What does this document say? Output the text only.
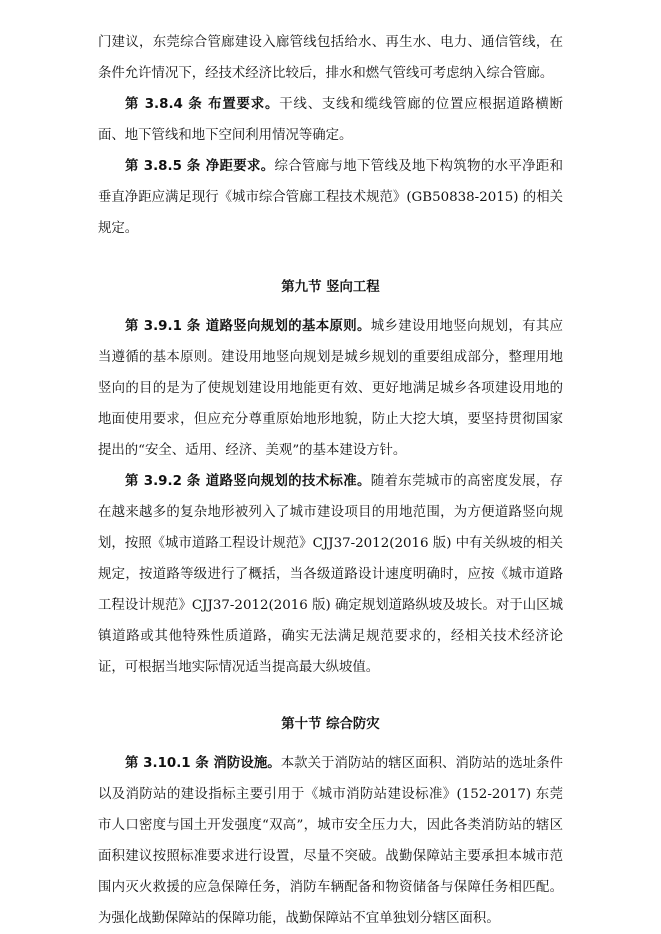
门建议，东莞综合管廊建设入廊管线包括给水、再生水、电力、通信管线，在条件允许情况下，经技术经济比较后，排水和燃气管线可考虑纳入综合管廊。

第 3.8.4 条 布置要求。干线、支线和缆线管廊的位置应根据道路横断面、地下管线和地下空间利用情况等确定。

第 3.8.5 条 净距要求。综合管廊与地下管线及地下构筑物的水平净距和垂直净距应满足现行《城市综合管廊工程技术规范》(GB50838-2015) 的相关规定。

第九节 竖向工程

第 3.9.1 条 道路竖向规划的基本原则。城乡建设用地竖向规划，有其应当遵循的基本原则。建设用地竖向规划是城乡规划的重要组成部分，整理用地竖向的目的是为了使规划建设用地能更有效、更好地满足城乡各项建设用地的地面使用要求，但应充分尊重原始地形地貌，防止大挖大填，要坚持贯彻国家提出的“安全、适用、经济、美观”的基本建设方针。

第 3.9.2 条 道路竖向规划的技术标准。随着东莞城市的高密度发展，存在越来越多的复杂地形被列入了城市建设项目的用地范围，为方便道路竖向规划，按照《城市道路工程设计规范》CJJ37-2012(2016 版) 中有关纵坡的相关规定，按道路等级进行了概括，当各级道路设计速度明确时，应按《城市道路工程设计规范》CJJ37-2012(2016 版) 确定规划道路纵坡及坡长。对于山区城镇道路或其他特殊性质道路，确实无法满足规范要求的，经相关技术经济论证，可根据当地实际情况适当提高最大纵坡值。

第十节 综合防灾

第 3.10.1 条 消防设施。本款关于消防站的辖区面积、消防站的选址条件以及消防站的建设指标主要引用于《城市消防站建设标准》(152-2017) 东莞市人口密度与国土开发强度“双高”，城市安全压力大，因此各类消防站的辖区面积建议按照标准要求进行设置，尽量不突破。战勤保障站主要承担本城市范围内灭火救援的应急保障任务，消防车辆配备和物资储备与保障任务相匹配。为强化战勤保障站的保障功能，战勤保障站不宜单独划分辖区面积。
